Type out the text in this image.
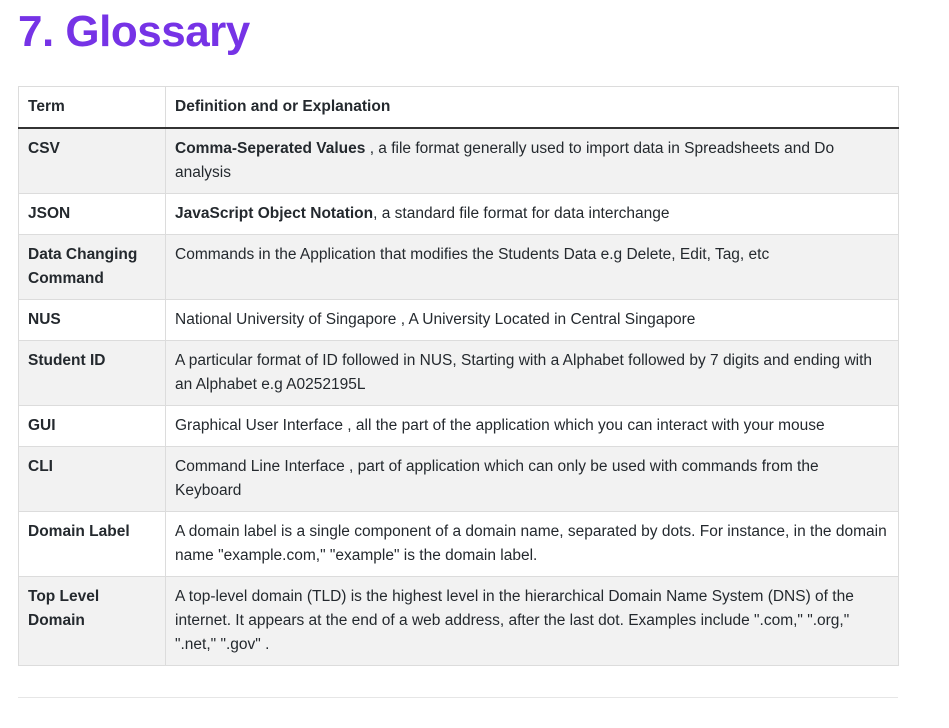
7. Glossary
Term	Definition and or Explanation
CSV	Comma-Seperated Values , a file format generally used to import data in Spreadsheets and Do analysis
JSON	JavaScript Object Notation, a standard file format for data interchange
Data Changing Command	Commands in the Application that modifies the Students Data e.g Delete, Edit, Tag, etc
NUS	National University of Singapore , A University Located in Central Singapore
Student ID	A particular format of ID followed in NUS, Starting with a Alphabet followed by 7 digits and ending with an Alphabet e.g A0252195L
GUI	Graphical User Interface , all the part of the application which you can interact with your mouse
CLI	Command Line Interface , part of application which can only be used with commands from the Keyboard
Domain Label	A domain label is a single component of a domain name, separated by dots. For instance, in the domain name "example.com," "example" is the domain label.
Top Level Domain	A top-level domain (TLD) is the highest level in the hierarchical Domain Name System (DNS) of the internet. It appears at the end of a web address, after the last dot. Examples include ".com," ".org," ".net," ".gov" .
